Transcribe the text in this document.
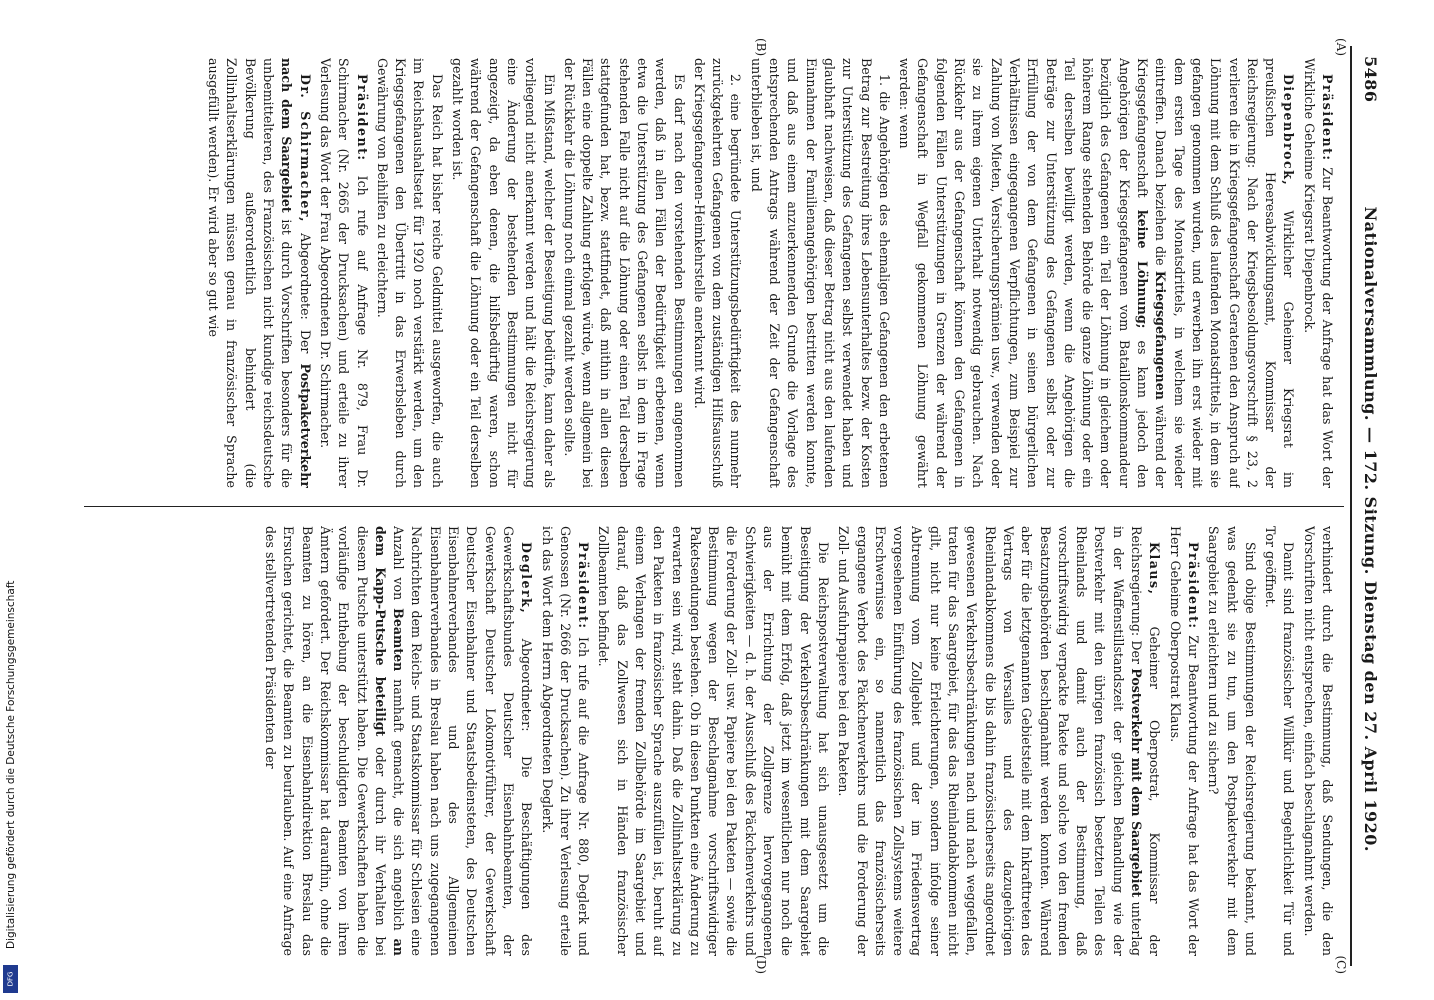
Digitalisierung gefördert durch die Deutsche Forschungsgemeinschaft
DFG
5486
Nationalversammlung. — 172. Sitzung. Dienstag den 27. April 1920.
(A)
(B)
(C)
(D)

Präsident: Zur Beantwortung der Anfrage hat das Wort der Wirkliche Geheime Kriegsrat Diepenbrock.

Diepenbrock, Wirklicher Geheimer Kriegsrat im preußischen Heeresabwicklungsamt, Kommissar der Reichsregierung: Nach der Kriegsbesoldungsvorschrift § 23, 2 verlieren die in Kriegsgefangenschaft Geratenen den Anspruch auf Löhnung mit dem Schluß des laufenden Monatsdrittels, in dem sie gefangen genommen wurden, und erwerben ihn erst wieder mit dem ersten Tage des Monatsdrittels, in welchem sie wieder eintreffen. Danach beziehen die Kriegsgefangenen während der Kriegsgefangenschaft keine Löhnung; es kann jedoch den Angehörigen der Kriegsgefangenen vom Bataillonskommandeur bezüglich des Gefangenen ein Teil der Löhnung in gleichem oder höherem Range stehenden Behörde die ganze Löhnung oder ein Teil derselben bewilligt werden, wenn die Angehörigen die Beträge zur Unterstützung des Gefangenen selbst oder zur Erfüllung der von dem Gefangenen in seinen bürgerlichen Verhältnissen eingegangenen Verpflichtungen, zum Beispiel zur Zahlung von Mieten, Versicherungsprämien usw., verwenden oder sie zu ihrem eigenen Unterhalt notwendig gebrauchen. Nach Rückkehr aus der Gefangenschaft können den Gefangenen in folgenden Fällen Unterstützungen in Grenzen der während der Gefangenschaft in Wegfall gekommenen Löhnung gewährt werden: wenn

1. die Angehörigen des ehemaligen Gefangenen den erbetenen Betrag zur Bestreitung ihres Lebensunterhaltes bezw. der Kosten zur Unterstützung des Gefangenen selbst verwendet haben und glaubhaft nachweisen, daß dieser Betrag nicht aus den laufenden Einnahmen der Familienangehörigen bestritten werden konnte, und daß aus einem anzuerkennenden Grunde die Vorlage des entsprechenden Antrags während der Zeit der Gefangenschaft unterblieben ist, und

2. eine begründete Unterstützungsbedürftigkeit des nunmehr zurückgekehrten Gefangenen von dem zuständigen Hilfsausschuß der Kriegsgefangenen-Heimkehrstelle anerkannt wird.

Es darf nach den vorstehenden Bestimmungen angenommen werden, daß in allen Fällen der Bedürftigkeit erbetenen, wenn etwa die Unterstützung des Gefangenen selbst in dem in Frage stehenden Falle nicht auf die Löhnung oder einen Teil derselben stattgefunden hat, bezw. stattfindet, daß mithin in allen diesen Fällen eine doppelte Zahlung erfolgen würde, wenn allgemein bei der Rückkehr die Löhnung noch einmal gezahlt werden sollte.

Ein Mißstand, welcher der Beseitigung bedürfte, kann daher als vorliegend nicht anerkannt werden und hält die Reichsregierung eine Änderung der bestehenden Bestimmungen nicht für angezeigt, da eben denen, die hilfsbedürftig waren, schon während der Gefangenschaft die Löhnung oder ein Teil derselben gezahlt worden ist.

Das Reich hat bisher reiche Geldmittel ausgeworfen, die auch im Reichshaushaltsetat für 1920 noch verstärkt werden, um den Kriegsgefangenen den Übertritt in das Erwerbsleben durch Gewährung von Beihilfen zu erleichtern.

Präsident: Ich rufe auf Anfrage Nr. 879, Frau Dr. Schirmacher (Nr. 2665 der Drucksachen) und erteile zu ihrer Verlesung das Wort der Frau Abgeordneten Dr. Schirmacher.

Dr. Schirmacher, Abgeordnete: Der Postpaketverkehr nach dem Saargebiet ist durch Vorschriften besonders für die unbemittelteren, des Französischen nicht kundige reichsdeutsche Bevölkerung außerordentlich behindert (die Zollinhaltserklärungen müssen genau in französischer Sprache ausgefüllt werden). Er wird aber so gut wie

verhindert durch die Bestimmung, daß Sendungen, die den Vorschriften nicht entsprechen, einfach beschlagnahmt werden.

Damit sind französischer Willkür und Begehrlichkeit Tür und Tor geöffnet.

Sind obige Bestimmungen der Reichsregierung bekannt, und was gedenkt sie zu tun, um den Postpaketverkehr mit dem Saargebiet zu erleichtern und zu sichern?

Präsident: Zur Beantwortung der Anfrage hat das Wort der Herr Geheime Oberpostrat Klaus.

Klaus, Geheimer Oberpostrat, Kommissar der Reichsregierung: Der Postverkehr mit dem Saargebiet unterlag in der Waffenstillstandszeit der gleichen Behandlung wie der Postverkehr mit den übrigen französisch besetzten Teilen des Rheinlands und damit auch der Bestimmung, daß vorschriftswidrig verpackte Pakete und solche von den fremden Besatzungsbehörden beschlagnahmt werden konnten. Während aber für die letztgenannten Gebietsteile mit dem Inkrafttreten des Vertrags von Versailles und des dazugehörigen Rheinlandabkommens die bis dahin französischerseits angeordnet gewesenen Verkehrsbeschränkungen nach und nach weggefallen, traten für das Saargebiet, für das das Rheinlandabkommen nicht gilt, nicht nur keine Erleichterungen, sondern infolge seiner Abtrennung vom Zollgebiet und der im Friedensvertrag vorgesehenen Einführung des französischen Zollsystems weitere Erschwernisse ein, so namentlich das französischerseits ergangene Verbot des Päckchenverkehrs und die Forderung der Zoll- und Ausfuhrpapiere bei den Paketen.

Die Reichspostverwaltung hat sich unausgesetzt um die Beseitigung der Verkehrsbeschränkungen mit dem Saargebiet bemüht mit dem Erfolg, daß jetzt im wesentlichen nur noch die aus der Errichtung der Zollgrenze hervorgegangenen Schwierigkeiten — d. h. der Ausschluß des Päckchenverkehrs und die Forderung der Zoll- usw. Papiere bei den Paketen — sowie die Bestimmung wegen der Beschlagnahme vorschriftswidriger Paketsendungen bestehen. Ob in diesen Punkten eine Änderung zu erwarten sein wird, steht dahin. Daß die Zollinhaltserklärung zu den Paketen in französischer Sprache auszufüllen ist, beruht auf einem Verlangen der fremden Zollbehörde im Saargebiet und darauf, daß das Zollwesen sich in Händen französischer Zollbeamten befindet.

Präsident: Ich rufe auf die Anfrage Nr. 880, Deglerk und Genossen (Nr. 2666 der Drucksachen). Zu ihrer Verlesung erteile ich das Wort dem Herrn Abgeordneten Deglerk.

Deglerk, Abgeordneter: Die Beschäftigungen des Gewerkschaftsbundes Deutscher Eisenbahnbeamten, der Gewerkschaft Deutscher Lokomotivführer, der Gewerkschaft Deutscher Eisenbahner und Staatsbediensteten, des Deutschen Eisenbahnerverbandes und des Allgemeinen Eisenbahnerverbandes in Breslau haben nach uns zugegangenen Nachrichten dem Reichs- und Staatskommissar für Schlesien eine Anzahl von Beamten namhaft gemacht, die sich angeblich an dem Kapp-Putsche beteiligt oder durch ihr Verhalten bei diesem Putsche unterstützt haben. Die Gewerkschaften haben die vorläufige Enthebung der beschuldigten Beamten von ihren Ämtern gefordert. Der Reichskommissar hat daraufhin, ohne die Beamten zu hören, an die Eisenbahndirektion Breslau das Ersuchen gerichtet, die Beamten zu beurlauben. Auf eine Anfrage des stellvertretenden Präsidenten der
